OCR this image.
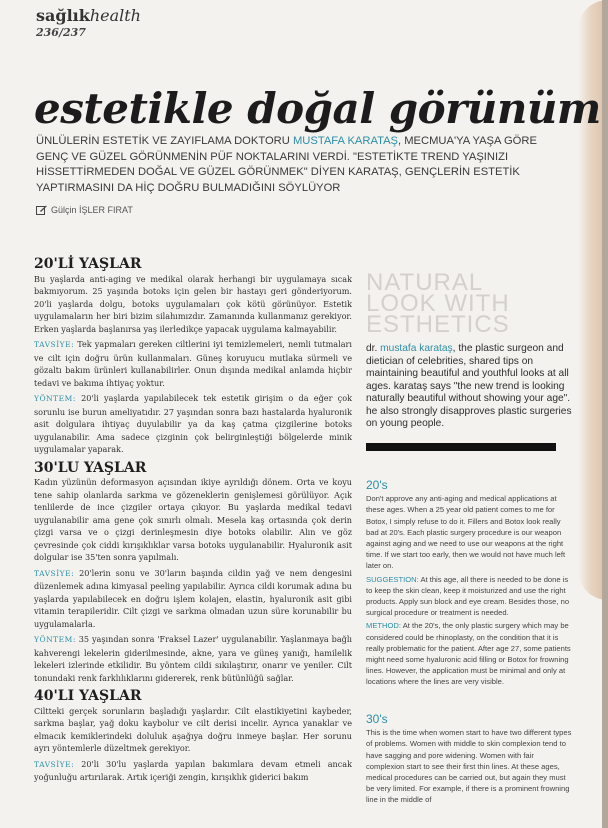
sağlıkhealth
236/237
estetikle doğal görünüm
ÜNLÜLERİN ESTETİK VE ZAYIFLAMA DOKTORU MUSTAFA KARATAŞ, MECMUA'YA YAŞA GÖRE GENÇ VE GÜZEL GÖRÜNMENİN PÜF NOKTALARINI VERDİ. "ESTETİKTE TREND YAŞINIZI HİSSETTİRMEDEN DOĞAL VE GÜZEL GÖRÜNMEK" DİYEN KARATAŞ, GENÇLERİN ESTETİK YAPTIRMASINI DA HİÇ DOĞRU BULMADIĞINI SÖYLÜYOR
Gülçin İŞLER FIRAT
20'Lİ YAŞLAR

Bu yaşlarda anti-aging ve medikal olarak herhangi bir uygulamaya sıcak bakmıyorum. 25 yaşında botoks için gelen bir hastayı geri gönderiyorum. 20'li yaşlarda dolgu, botoks uygulamaları çok kötü görünüyor. Estetik uygulamaların her biri bizim silahımızdır. Zamanında kullanmanız gerekiyor. Erken yaşlarda başlanırsa yaş ilerledikçe yapacak uygulama kalmayabilir.

TAVSİYE: Tek yapmaları gereken ciltlerini iyi temizlemeleri, nemli tutmaları ve cilt için doğru ürün kullanmaları. Güneş koruyucu mutlaka sürmeli ve gözaltı bakım ürünleri kullanabilirler. Onun dışında medikal anlamda hiçbir tedavi ve bakıma ihtiyaç yoktur.

YÖNTEM: 20'li yaşlarda yapılabilecek tek estetik girişim o da eğer çok sorunlu ise burun ameliyatıdır. 27 yaşından sonra bazı hastalarda hyaluronik asit dolgulara ihtiyaç duyulabilir ya da kaş çatma çizgilerine botoks uygulanabilir. Ama sadece çizginin çok belirginleştiği bölgelerde minik uygulamalar yaparak.

30'LU YAŞLAR

Kadın yüzünün deformasyon açısından ikiye ayrıldığı dönem. Orta ve koyu tene sahip olanlarda sarkma ve gözeneklerin genişlemesi görülüyor. Açık tenlilerde de ince çizgiler ortaya çıkıyor. Bu yaşlarda medikal tedavi uygulanabilir ama gene çok sınırlı olmalı. Mesela kaş ortasında çok derin çizgi varsa ve o çizgi derinleşmesin diye botoks olabilir. Alın ve göz çevresinde çok ciddi kırışıklıklar varsa botoks uygulanabilir. Hyaluronik asit dolgular ise 35'ten sonra yapılmalı.

TAVSİYE: 20'lerin sonu ve 30'ların başında cildin yağ ve nem dengesini düzenlemek adına kimyasal peeling yapılabilir. Ayrıca cildi korumak adına bu yaşlarda yapılabilecek en doğru işlem kolajen, elastin, hyaluronik asit gibi vitamin terapileridir. Cilt çizgi ve sarkma olmadan uzun süre korunabilir bu uygulamalarla.

YÖNTEM: 35 yaşından sonra 'Fraksel Lazer' uygulanabilir. Yaşlanmaya bağlı kahverengi lekelerin giderilmesinde, akne, yara ve güneş yanığı, hamilelik lekeleri izlerinde etkilidir. Bu yöntem cildi sıkılaştırır, onarır ve yeniler. Cilt tonundaki renk farklılıklarını gidererek, renk bütünlüğü sağlar.

40'LI YAŞLAR

Ciltteki gerçek sorunların başladığı yaşlardır. Cilt elastikiyetini kaybeder, sarkma başlar, yağ doku kaybolur ve cilt derisi incelir. Ayrıca yanaklar ve elmacık kemiklerindeki doluluk aşağıya doğru inmeye başlar. Her sorunu ayrı yöntemlerle düzeltmek gerekiyor.

TAVSİYE: 20'li 30'lu yaşlarda yapılan bakımlara devam etmeli ancak yoğunluğu artırılarak. Artık içeriği zengin, kırışıklık giderici bakım

NATURAL
LOOK WITH
ESTHETICS

dr. mustafa karataş, the plastic surgeon and dietician of celebrities, shared tips on maintaining beautiful and youthful looks at all ages. karataş says "the new trend is looking naturally beautiful without showing your age". he also strongly disapproves plastic surgeries on young people.

20's

Don't approve any anti-aging and medical applications at these ages. When a 25 year old patient comes to me for Botox, I simply refuse to do it. Fillers and Botox look really bad at 20's. Each plastic surgery procedure is our weapon against aging and we need to use our weapons at the right time. If we start too early, then we would not have much left later on.

SUGGESTION: At this age, all there is needed to be done is to keep the skin clean, keep it moisturized and use the right products. Apply sun block and eye cream. Besides those, no surgical procedure or treatment is needed.

METHOD: At the 20's, the only plastic surgery which may be considered could be rhinoplasty, on the condition that it is really problematic for the patient. After age 27, some patients might need some hyaluronic acid filling or Botox for frowning lines. However, the application must be minimal and only at locations where the lines are very visible.

30's

This is the time when women start to have two different types of problems. Women with middle to skin complexion tend to have sagging and pore widening. Women with fair complexion start to see their first thin lines. At these ages, medical procedures can be carried out, but again they must be very limited. For example, if there is a prominent frowning line in the middle of
